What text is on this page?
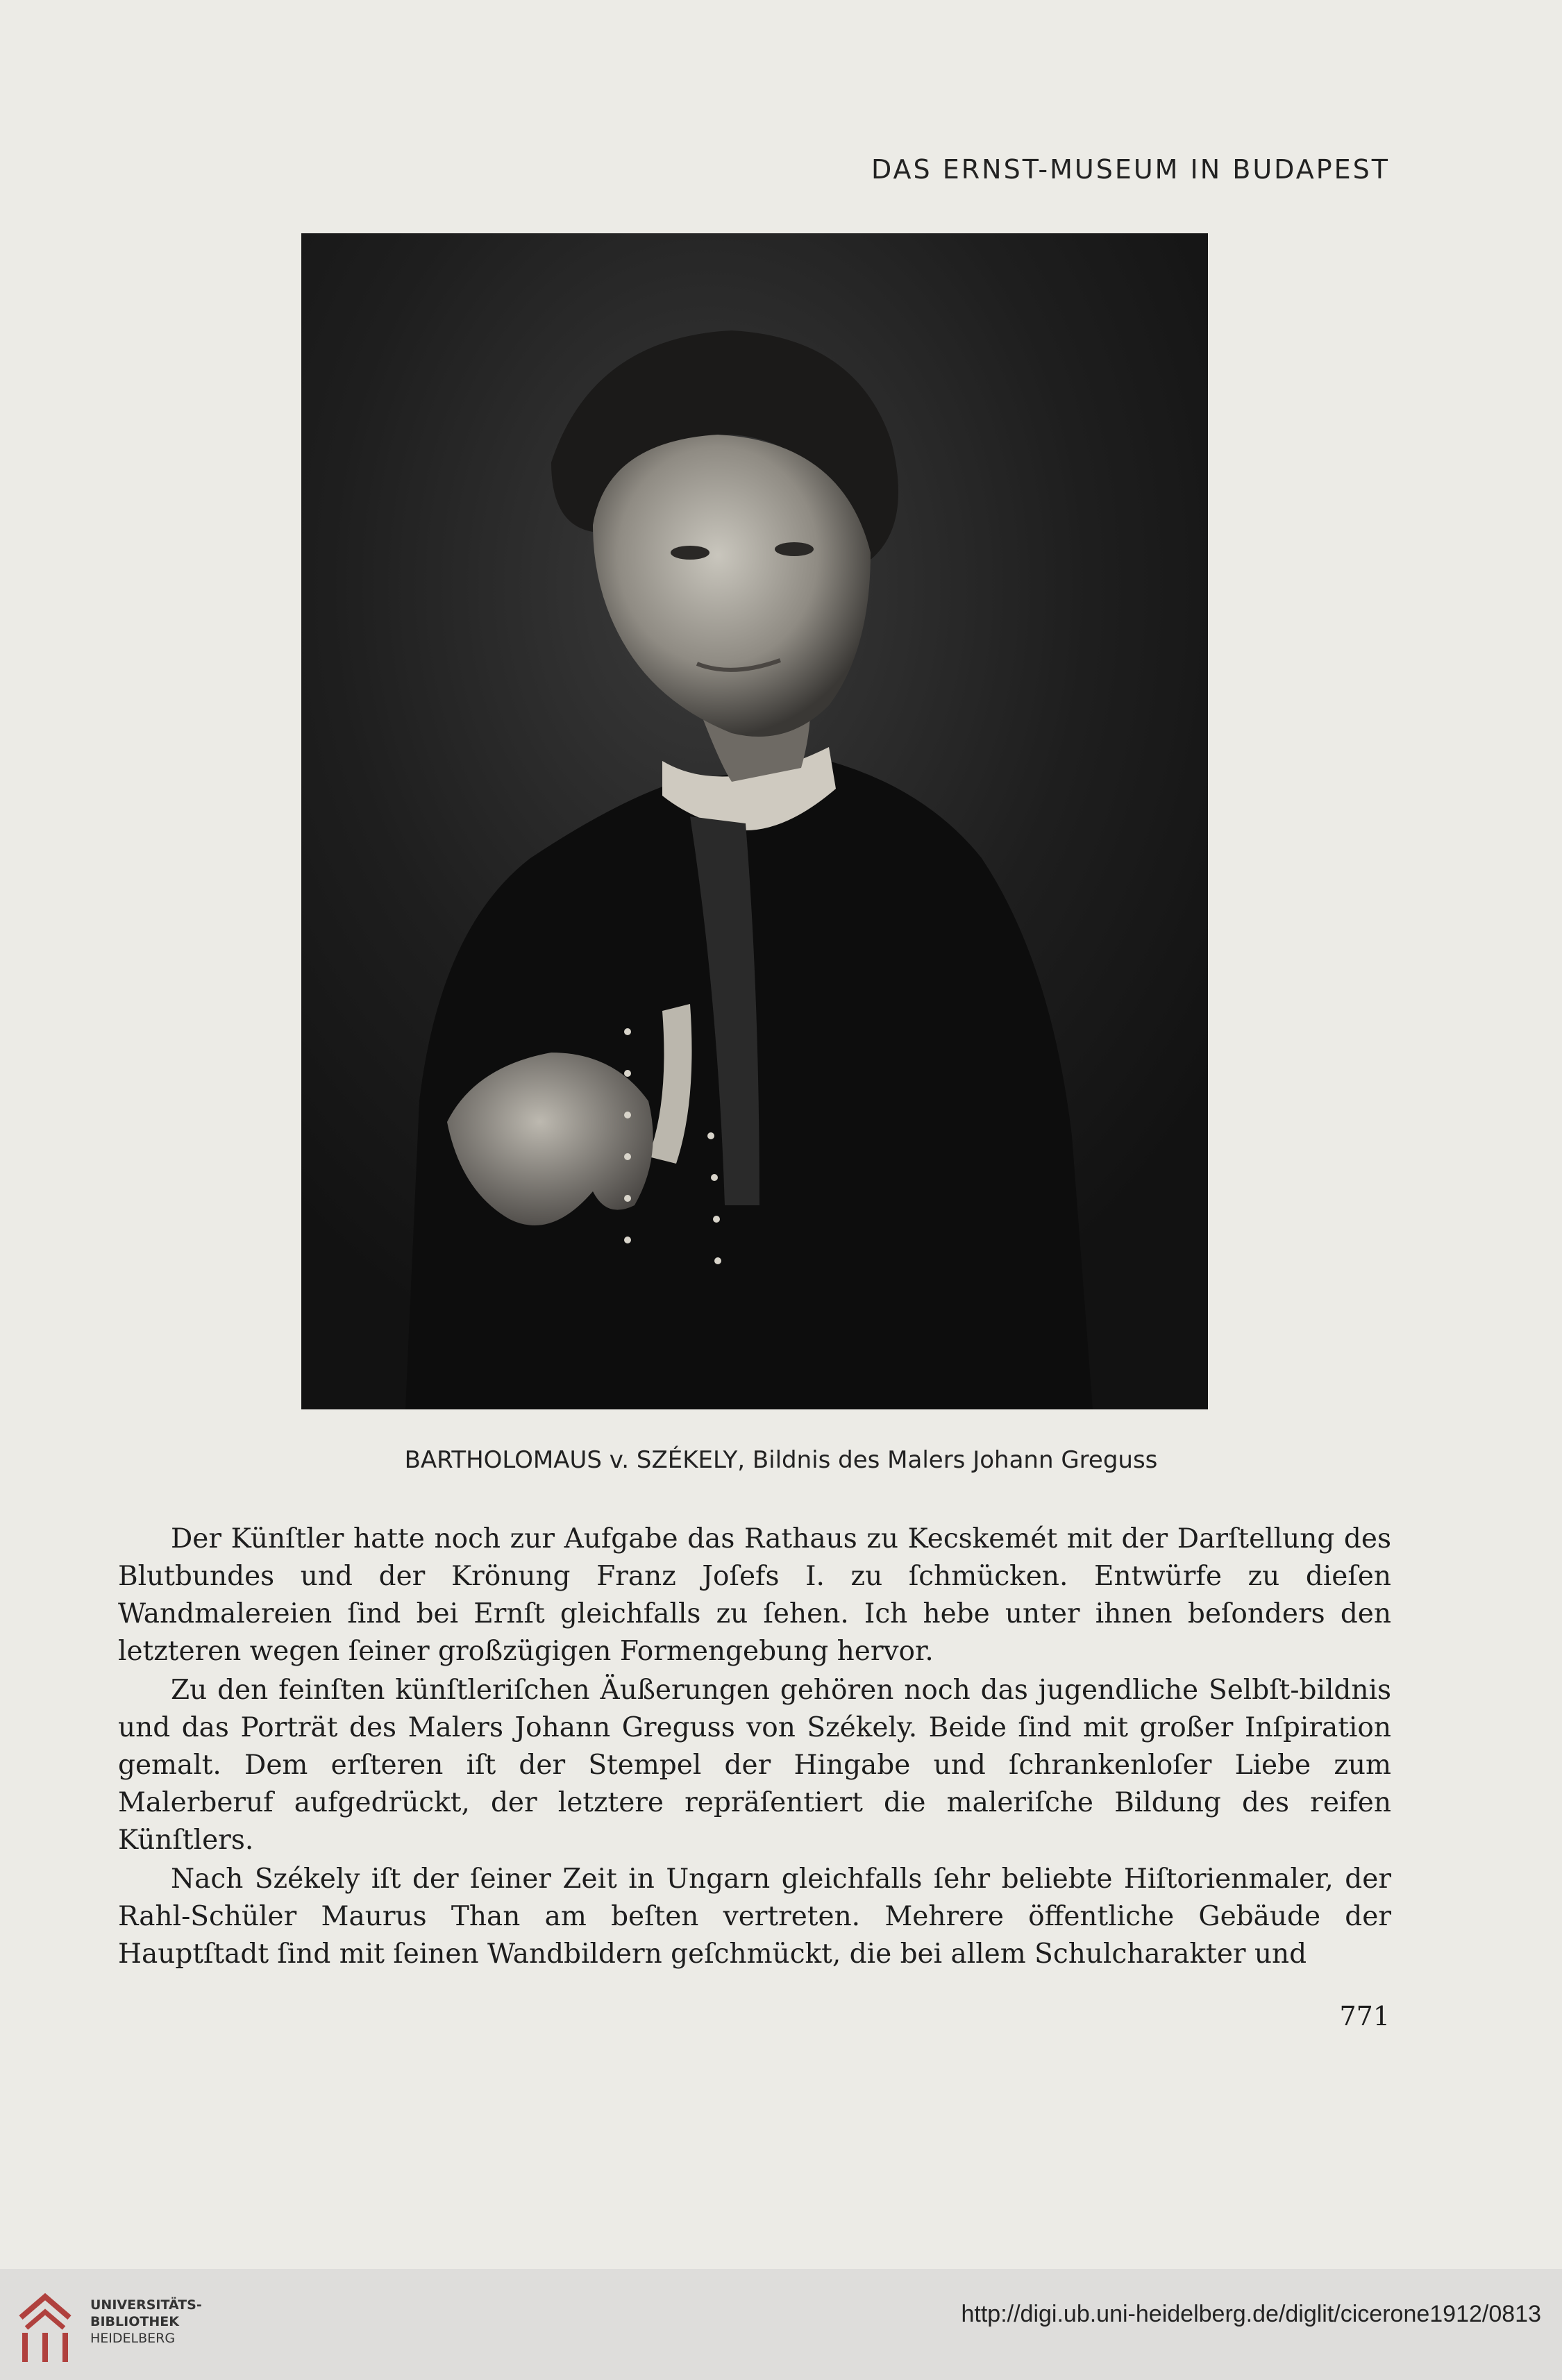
DAS ERNST-MUSEUM IN BUDAPEST
BARTHOLOMAUS v. SZÉKELY, Bildnis des Malers Johann Greguss

Der Künſtler hatte noch zur Aufgabe das Rathaus zu Kecskemét mit der Darſtellung des Blutbundes und der Krönung Franz Joſefs I. zu ſchmücken. Entwürfe zu dieſen Wandmalereien ſind bei Ernſt gleichfalls zu ſehen. Ich hebe unter ihnen beſonders den letzteren wegen ſeiner großzügigen Formengebung hervor.

Zu den feinſten künſtleriſchen Äußerungen gehören noch das jugendliche Selbſt-bildnis und das Porträt des Malers Johann Greguss von Székely. Beide ſind mit großer Inſpiration gemalt. Dem erſteren iſt der Stempel der Hingabe und ſchrankenloſer Liebe zum Malerberuf aufgedrückt, der letztere repräſentiert die maleriſche Bildung des reifen Künſtlers.

Nach Székely iſt der ſeiner Zeit in Ungarn gleichfalls ſehr beliebte Hiſtorienmaler, der Rahl-Schüler Maurus Than am beſten vertreten. Mehrere öffentliche Gebäude der Hauptſtadt ſind mit ſeinen Wandbildern geſchmückt, die bei allem Schulcharakter und

771
UNIVERSITÄTS-
BIBLIOTHEK
HEIDELBERG
http://digi.ub.uni-heidelberg.de/diglit/cicerone1912/0813
